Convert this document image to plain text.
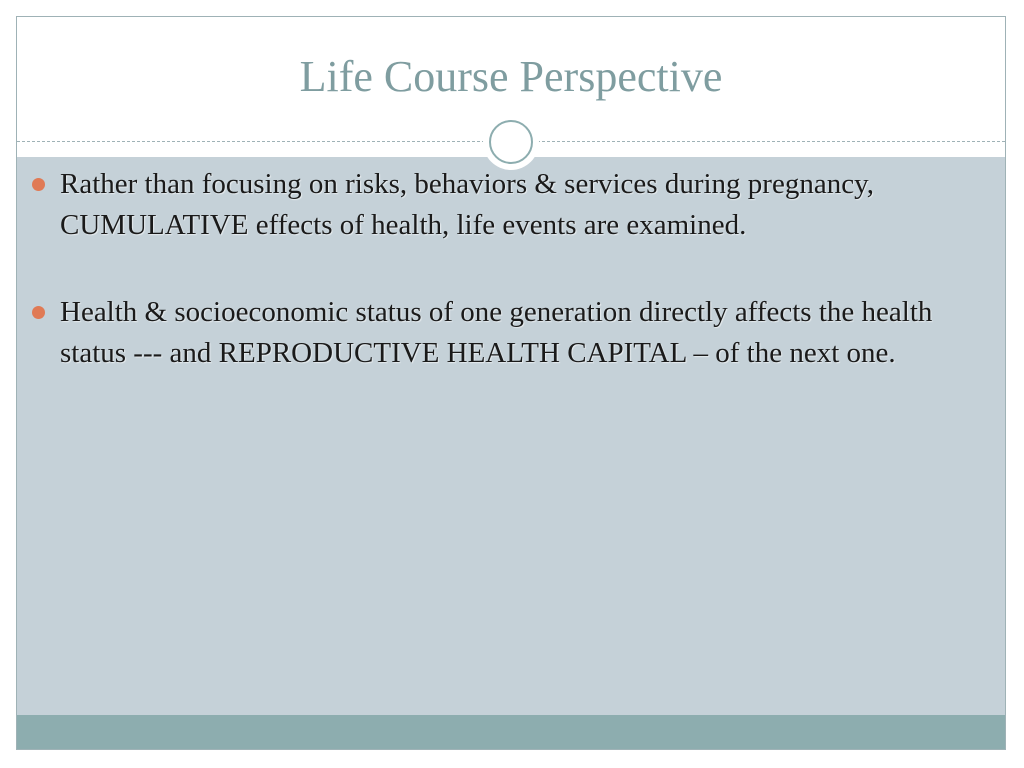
Life Course Perspective
Rather than focusing on risks, behaviors & services during pregnancy, CUMULATIVE effects of health, life events are examined.
Health & socioeconomic status of one generation directly affects the health status --- and REPRODUCTIVE HEALTH CAPITAL – of the next one.
